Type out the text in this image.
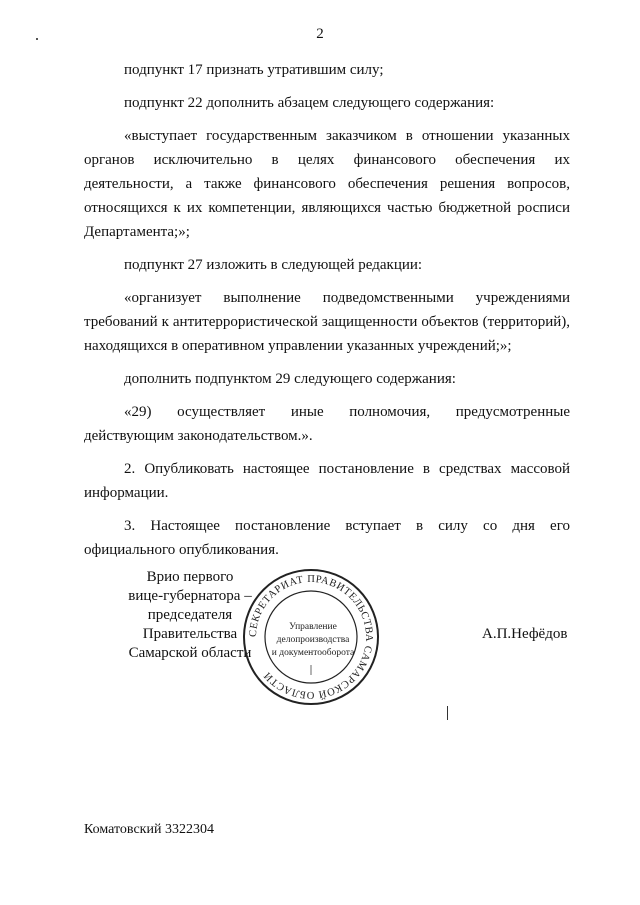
2

подпункт 17 признать утратившим силу;

подпункт 22 дополнить абзацем следующего содержания:

«выступает государственным заказчиком в отношении указанных органов исключительно в целях финансового обеспечения их деятельности, а также финансового обеспечения решения вопросов, относящихся к их компетенции, являющихся частью бюджетной росписи Департамента;»;

подпункт 27 изложить в следующей редакции:

«организует выполнение подведомственными учреждениями требований к антитеррористической защищенности объектов (территорий), находящихся в оперативном управлении указанных учреждений;»;

дополнить подпунктом 29 следующего содержания:

«29) осуществляет иные полномочия, предусмотренные действующим законодательством.».

2. Опубликовать настоящее постановление в средствах массовой информации.

3. Настоящее постановление вступает в силу со дня его официального опубликования.

Врио первого
вице-губернатора –
председателя Правительства
Самарской области
СЕКРЕТАРИАТ ПРАВИТЕЛЬСТВА САМАРСКОЙ ОБЛАСТИ
Управление
делопроизводства
и документооборота
А.П.Нефёдов
Коматовский 3322304
